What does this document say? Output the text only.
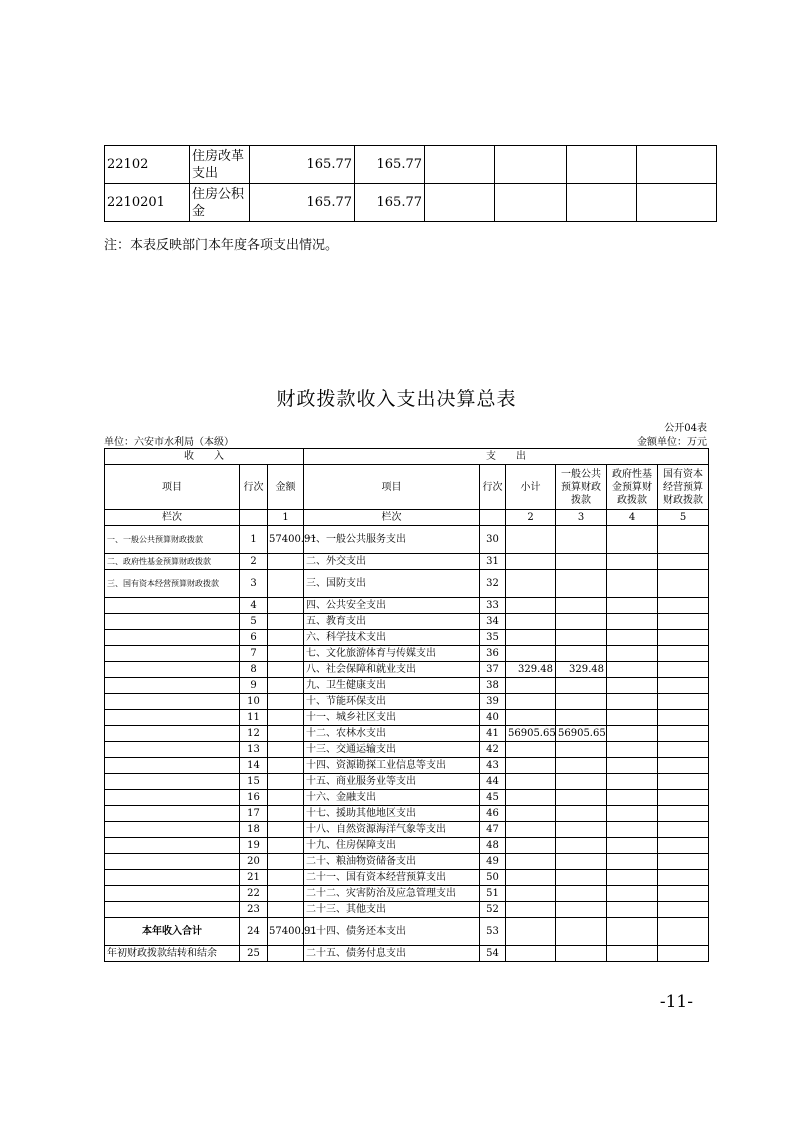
22102	住房改革支出	165.77	165.77				
2210201	住房公积金	165.77	165.77				
注：本表反映部门本年度各项支出情况。
财政拨款收入支出决算总表
公开04表
单位：六安市水利局（本级）	金额单位：万元
收　　入			支　　出					
项目	行次	金额	项目	行次	小计	一般公共预算财政拨款	政府性基金预算财政拨款	国有资本经营预算财政拨款
栏次		1	栏次		2	3	4	5
一、一般公共预算财政拨款	1	57400.91	一、一般公共服务支出	30				
二、政府性基金预算财政拨款	2		二、外交支出	31				
三、国有资本经营预算财政拨款	3		三、国防支出	32				
	4		四、公共安全支出	33				
	5		五、教育支出	34				
	6		六、科学技术支出	35				
	7		七、文化旅游体育与传媒支出	36				
	8		八、社会保障和就业支出	37	329.48	329.48		
	9		九、卫生健康支出	38				
	10		十、节能环保支出	39				
	11		十一、城乡社区支出	40				
	12		十二、农林水支出	41	56905.65	56905.65		
	13		十三、交通运输支出	42				
	14		十四、资源勘探工业信息等支出	43				
	15		十五、商业服务业等支出	44				
	16		十六、金融支出	45				
	17		十七、援助其他地区支出	46				
	18		十八、自然资源海洋气象等支出	47				
	19		十九、住房保障支出	48				
	20		二十、粮油物资储备支出	49				
	21		二十一、国有资本经营预算支出	50				
	22		二十二、灾害防治及应急管理支出	51				
	23		二十三、其他支出	52				
本年收入合计	24	57400.91	二十四、债务还本支出	53				
年初财政拨款结转和结余	25		二十五、债务付息支出	54				
-11-
